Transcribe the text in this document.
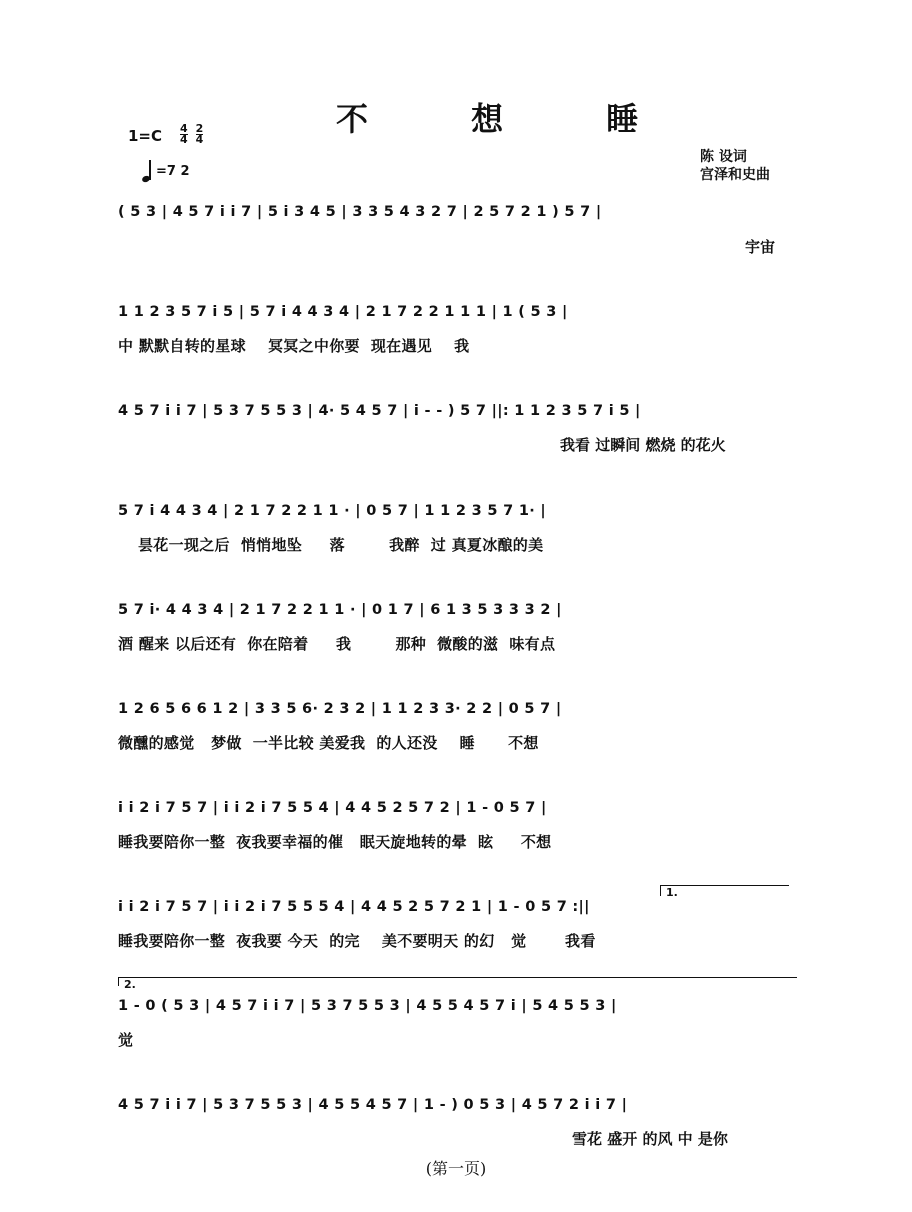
不 想 睡
$1=C \frac{4}{4} \frac{2}{4}$
=7 2
陈 设词
宫泽和史曲
( 5 3 | 4 5 7 i i 7 | 5 i 3 4 5 | 3 3 5 4 3 2 7 | 2 5 7 2 1 ) 5 7 |
宇宙
1 1 2 3 5 7 i 5 | 5 7 i 4 4 3 4 | 2 1 7 2 2 1 1 1 | 1 ( 5 3 |
中 默默自转的星球    冥冥之中你要  现在遇见    我
4 5 7 i i 7 | 5 3 7 5 5 3 | 4· 5 4 5 7 | i - - ) 5 7 ||: 1 1 2 3 5 7 i 5 |
我看 过瞬间 燃烧 的花火
5 7 i 4 4 3 4 | 2 1 7 2 2 1 1 · | 0 5 7 | 1 1 2 3 5 7 1· |
昙花一现之后  悄悄地坠     落        我醉  过 真夏冰酿的美
5 7 i· 4 4 3 4 | 2 1 7 2 2 1 1 · | 0 1 7 | 6 1 3 5 3 3 3 2 |
酒 醒来 以后还有  你在陪着     我        那种  微酸的滋  味有点
1 2 6 5 6 6 1 2 | 3 3 5 6· 2 3 2 | 1 1 2 3 3· 2 2 | 0 5 7 |
微醺的感觉   梦做  一半比较 美爱我  的人还没    睡      不想
i i 2 i 7 5 7 | i i 2 i 7 5 5 4 | 4 4 5 2 5 7 2 | 1 - 0 5 7 |
睡我要陪你一整  夜我要幸福的催   眠天旋地转的晕  眩     不想
1.
i i 2 i 7 5 7 | i i 2 i 7 5 5 5 4 | 4 4 5 2 5 7 2 1 | 1 - 0 5 7 :||
睡我要陪你一整  夜我要 今天  的完    美不要明天 的幻   觉       我看
2.
1 - 0 ( 5 3 | 4 5 7 i i 7 | 5 3 7 5 5 3 | 4 5 5 4 5 7 i | 5 4 5 5 3 |
觉
4 5 7 i i 7 | 5 3 7 5 5 3 | 4 5 5 4 5 7 | 1 - ) 0 5 3 | 4 5 7 2 i i 7 |
雪花 盛开 的风 中 是你
(第一页)
